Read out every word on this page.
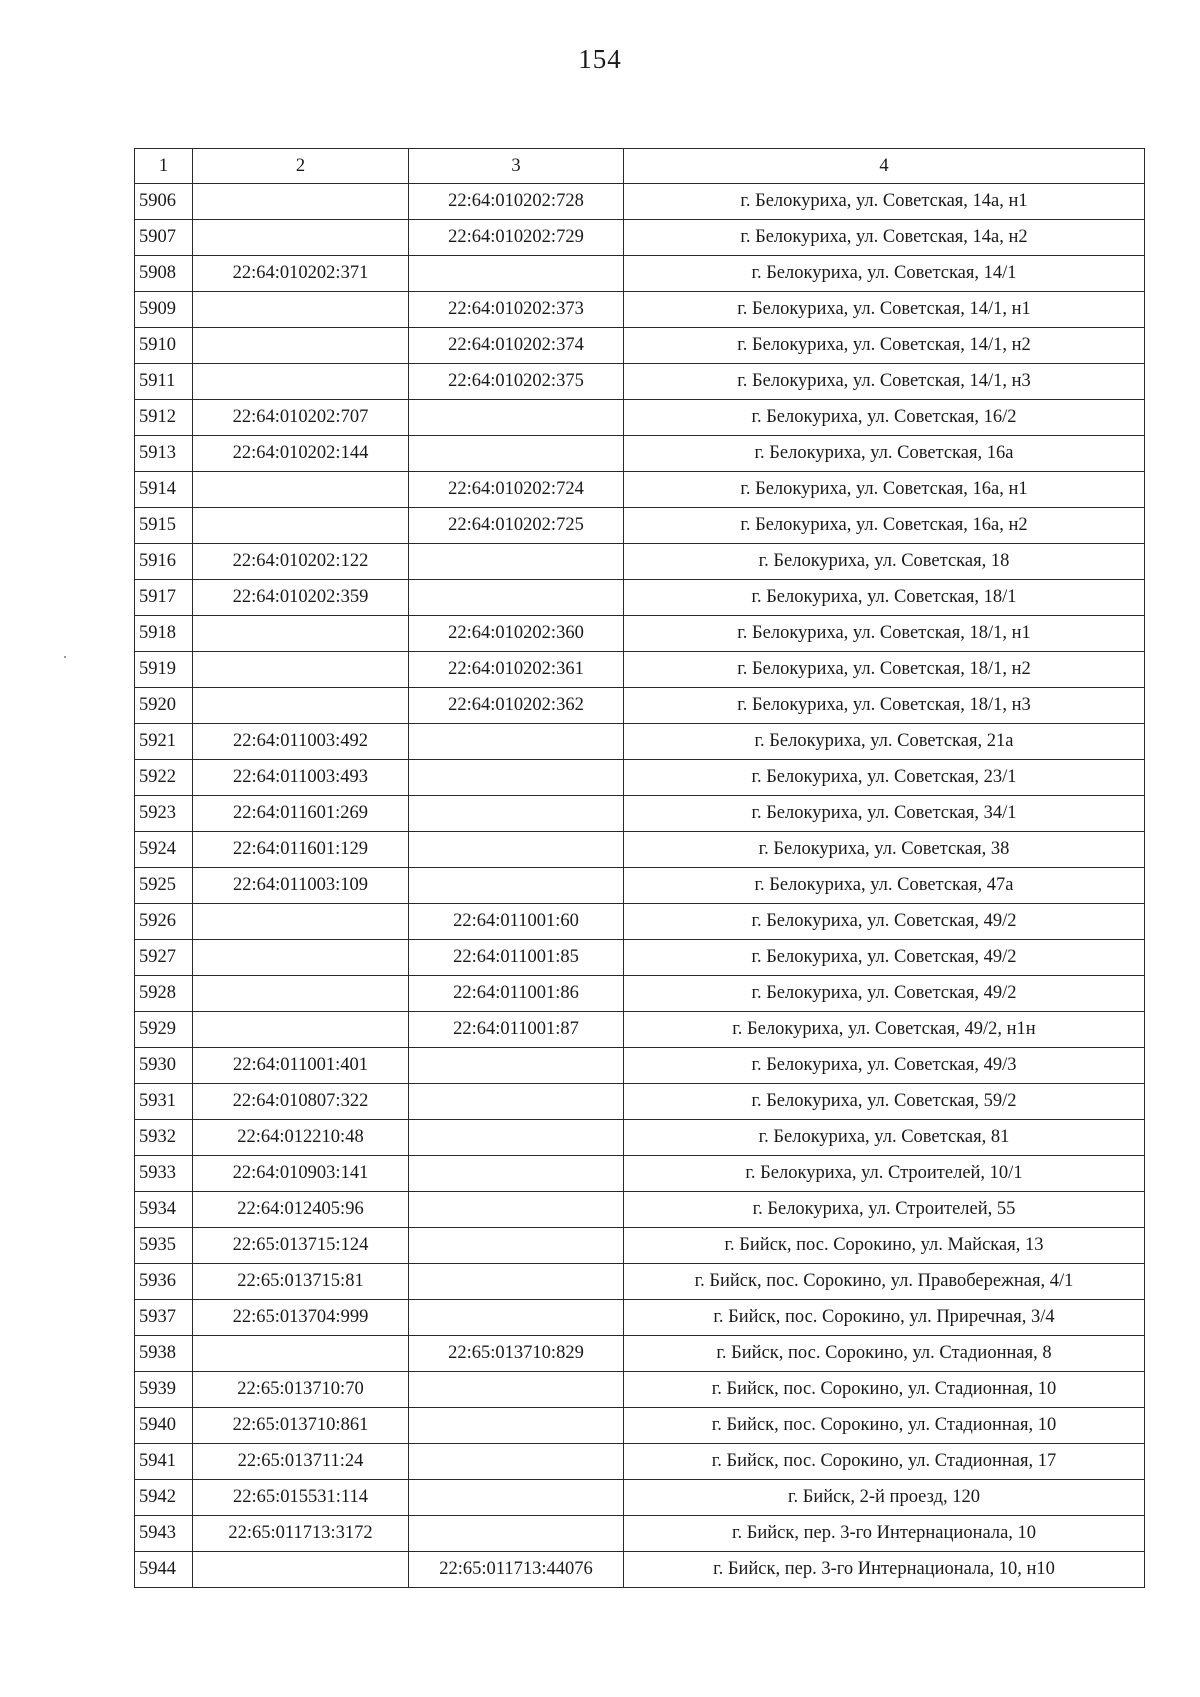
154
1	2	3	4
5906		22:64:010202:728	г. Белокуриха, ул. Советская, 14а, н1
5907		22:64:010202:729	г. Белокуриха, ул. Советская, 14а, н2
5908	22:64:010202:371		г. Белокуриха, ул. Советская, 14/1
5909		22:64:010202:373	г. Белокуриха, ул. Советская, 14/1, н1
5910		22:64:010202:374	г. Белокуриха, ул. Советская, 14/1, н2
5911		22:64:010202:375	г. Белокуриха, ул. Советская, 14/1, н3
5912	22:64:010202:707		г. Белокуриха, ул. Советская, 16/2
5913	22:64:010202:144		г. Белокуриха, ул. Советская, 16а
5914		22:64:010202:724	г. Белокуриха, ул. Советская, 16а, н1
5915		22:64:010202:725	г. Белокуриха, ул. Советская, 16а, н2
5916	22:64:010202:122		г. Белокуриха, ул. Советская, 18
5917	22:64:010202:359		г. Белокуриха, ул. Советская, 18/1
5918		22:64:010202:360	г. Белокуриха, ул. Советская, 18/1, н1
5919		22:64:010202:361	г. Белокуриха, ул. Советская, 18/1, н2
5920		22:64:010202:362	г. Белокуриха, ул. Советская, 18/1, н3
5921	22:64:011003:492		г. Белокуриха, ул. Советская, 21а
5922	22:64:011003:493		г. Белокуриха, ул. Советская, 23/1
5923	22:64:011601:269		г. Белокуриха, ул. Советская, 34/1
5924	22:64:011601:129		г. Белокуриха, ул. Советская, 38
5925	22:64:011003:109		г. Белокуриха, ул. Советская, 47а
5926		22:64:011001:60	г. Белокуриха, ул. Советская, 49/2
5927		22:64:011001:85	г. Белокуриха, ул. Советская, 49/2
5928		22:64:011001:86	г. Белокуриха, ул. Советская, 49/2
5929		22:64:011001:87	г. Белокуриха, ул. Советская, 49/2, н1н
5930	22:64:011001:401		г. Белокуриха, ул. Советская, 49/3
5931	22:64:010807:322		г. Белокуриха, ул. Советская, 59/2
5932	22:64:012210:48		г. Белокуриха, ул. Советская, 81
5933	22:64:010903:141		г. Белокуриха, ул. Строителей, 10/1
5934	22:64:012405:96		г. Белокуриха, ул. Строителей, 55
5935	22:65:013715:124		г. Бийск, пос. Сорокино, ул. Майская, 13
5936	22:65:013715:81		г. Бийск, пос. Сорокино, ул. Правобережная, 4/1
5937	22:65:013704:999		г. Бийск, пос. Сорокино, ул. Приречная, 3/4
5938		22:65:013710:829	г. Бийск, пос. Сорокино, ул. Стадионная, 8
5939	22:65:013710:70		г. Бийск, пос. Сорокино, ул. Стадионная, 10
5940	22:65:013710:861		г. Бийск, пос. Сорокино, ул. Стадионная, 10
5941	22:65:013711:24		г. Бийск, пос. Сорокино, ул. Стадионная, 17
5942	22:65:015531:114		г. Бийск, 2-й проезд, 120
5943	22:65:011713:3172		г. Бийск, пер. 3-го Интернационала, 10
5944		22:65:011713:44076	г. Бийск, пер. 3-го Интернационала, 10, н10
